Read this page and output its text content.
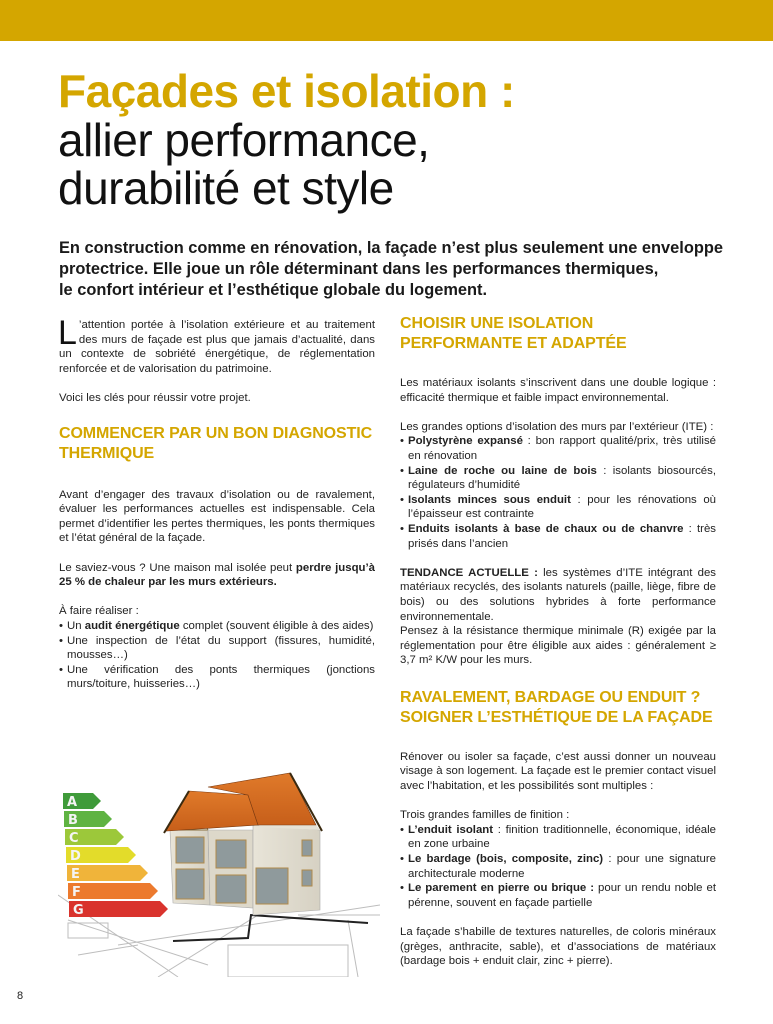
Façades et isolation :
allier performance,
durabilité et style
En construction comme en rénovation, la façade n’est plus seulement une enveloppe
protectrice. Elle joue un rôle déterminant dans les performances thermiques,
le confort intérieur et l’esthétique globale du logement.
L ’attention portée à l’isolation extérieure et au traitement des murs de façade est plus que jamais d’actualité, dans un contexte de sobriété énergétique, de réglementation renforcée et de valorisation du patrimoine.
Voici les clés pour réussir votre projet.
COMMENCER PAR UN BON DIAGNOSTIC THERMIQUE
Avant d’engager des travaux d’isolation ou de ravalement, évaluer les performances actuelles est indispensable. Cela permet d’identifier les pertes thermiques, les ponts thermiques et l’état général de la façade.
Le saviez-vous ? Une maison mal isolée peut perdre jusqu’à 25 % de chaleur par les murs extérieurs.
À faire réaliser :
• Un audit énergétique complet (souvent éligible à des aides)
• Une inspection de l’état du support (fissures, humidité, mousses…)
• Une vérification des ponts thermiques (jonctions murs/toiture, huisseries…)
A
B
C
D
E
F
G
CHOISIR UNE ISOLATION PERFORMANTE ET ADAPTÉE
Les matériaux isolants s’inscrivent dans une double logique : efficacité thermique et faible impact environnemental.
Les grandes options d’isolation des murs par l’extérieur (ITE) :
• Polystyrène expansé : bon rapport qualité/prix, très utilisé en rénovation
• Laine de roche ou laine de bois : isolants biosourcés, régulateurs d’humidité
• Isolants minces sous enduit : pour les rénovations où l’épaisseur est contrainte
• Enduits isolants à base de chaux ou de chanvre : très prisés dans l’ancien
TENDANCE ACTUELLE : les systèmes d’ITE intégrant des matériaux recyclés, des isolants naturels (paille, liège, fibre de bois) ou des solutions hybrides à forte performance environnementale.
Pensez à la résistance thermique minimale (R) exigée par la réglementation pour être éligible aux aides : généralement ≥ 3,7 m² K/W pour les murs.
RAVALEMENT, BARDAGE OU ENDUIT ? SOIGNER L’ESTHÉTIQUE DE LA FAÇADE
Rénover ou isoler sa façade, c’est aussi donner un nouveau visage à son logement. La façade est le premier contact visuel avec l’habitation, et les possibilités sont multiples :
Trois grandes familles de finition :
• L’enduit isolant : finition traditionnelle, économique, idéale en zone urbaine
• Le bardage (bois, composite, zinc) : pour une signature architecturale moderne
• Le parement en pierre ou brique : pour un rendu noble et pérenne, souvent en façade partielle
La façade s’habille de textures naturelles, de coloris minéraux (grèges, anthracite, sable), et d’associations de matériaux (bardage bois + enduit clair, zinc + pierre).
8
